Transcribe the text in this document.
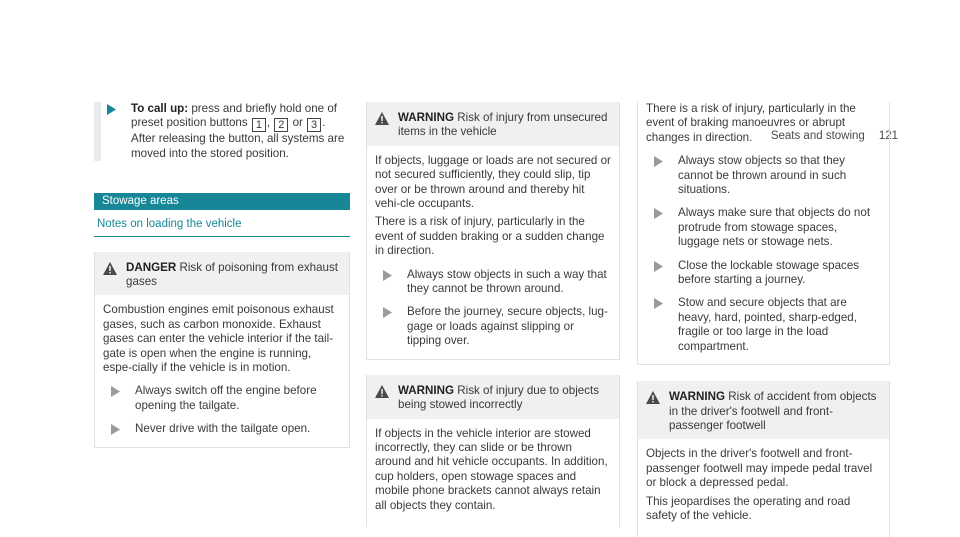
Seats and stowing 121
To call up: press and briefly hold one of preset position buttons 1 , 2 or 3 .
After releasing the button, all systems are moved into the stored position.
Stowage areas
Notes on loading the vehicle
DANGER Risk of poisoning from exhaust gases

Combustion engines emit poisonous exhaust gases, such as carbon monoxide. Exhaust gases can enter the vehicle interior if the tail-gate is open when the engine is running, espe-cially if the vehicle is in motion.

Always switch off the engine before opening the tailgate.
Never drive with the tailgate open.
WARNING Risk of injury from unsecured items in the vehicle

If objects, luggage or loads are not secured or not secured sufficiently, they could slip, tip over or be thrown around and thereby hit vehi-cle occupants.

There is a risk of injury, particularly in the event of sudden braking or a sudden change in direction.

Always stow objects in such a way that they cannot be thrown around.
Before the journey, secure objects, lug-gage or loads against slipping or tipping over.
WARNING Risk of injury due to objects being stowed incorrectly

If objects in the vehicle interior are stowed incorrectly, they can slide or be thrown around and hit vehicle occupants. In addition, cup holders, open stowage spaces and mobile phone brackets cannot always retain all objects they contain.

There is a risk of injury, particularly in the event of braking manoeuvres or abrupt changes in direction.

Always stow objects so that they cannot be thrown around in such situations.
Always make sure that objects do not protrude from stowage spaces, luggage nets or stowage nets.
Close the lockable stowage spaces before starting a journey.
Stow and secure objects that are heavy, hard, pointed, sharp-edged, fragile or too large in the load compartment.
WARNING Risk of accident from objects in the driver's footwell and front-passenger footwell

Objects in the driver's footwell and front-passenger footwell may impede pedal travel or block a depressed pedal.

This jeopardises the operating and road safety of the vehicle.
